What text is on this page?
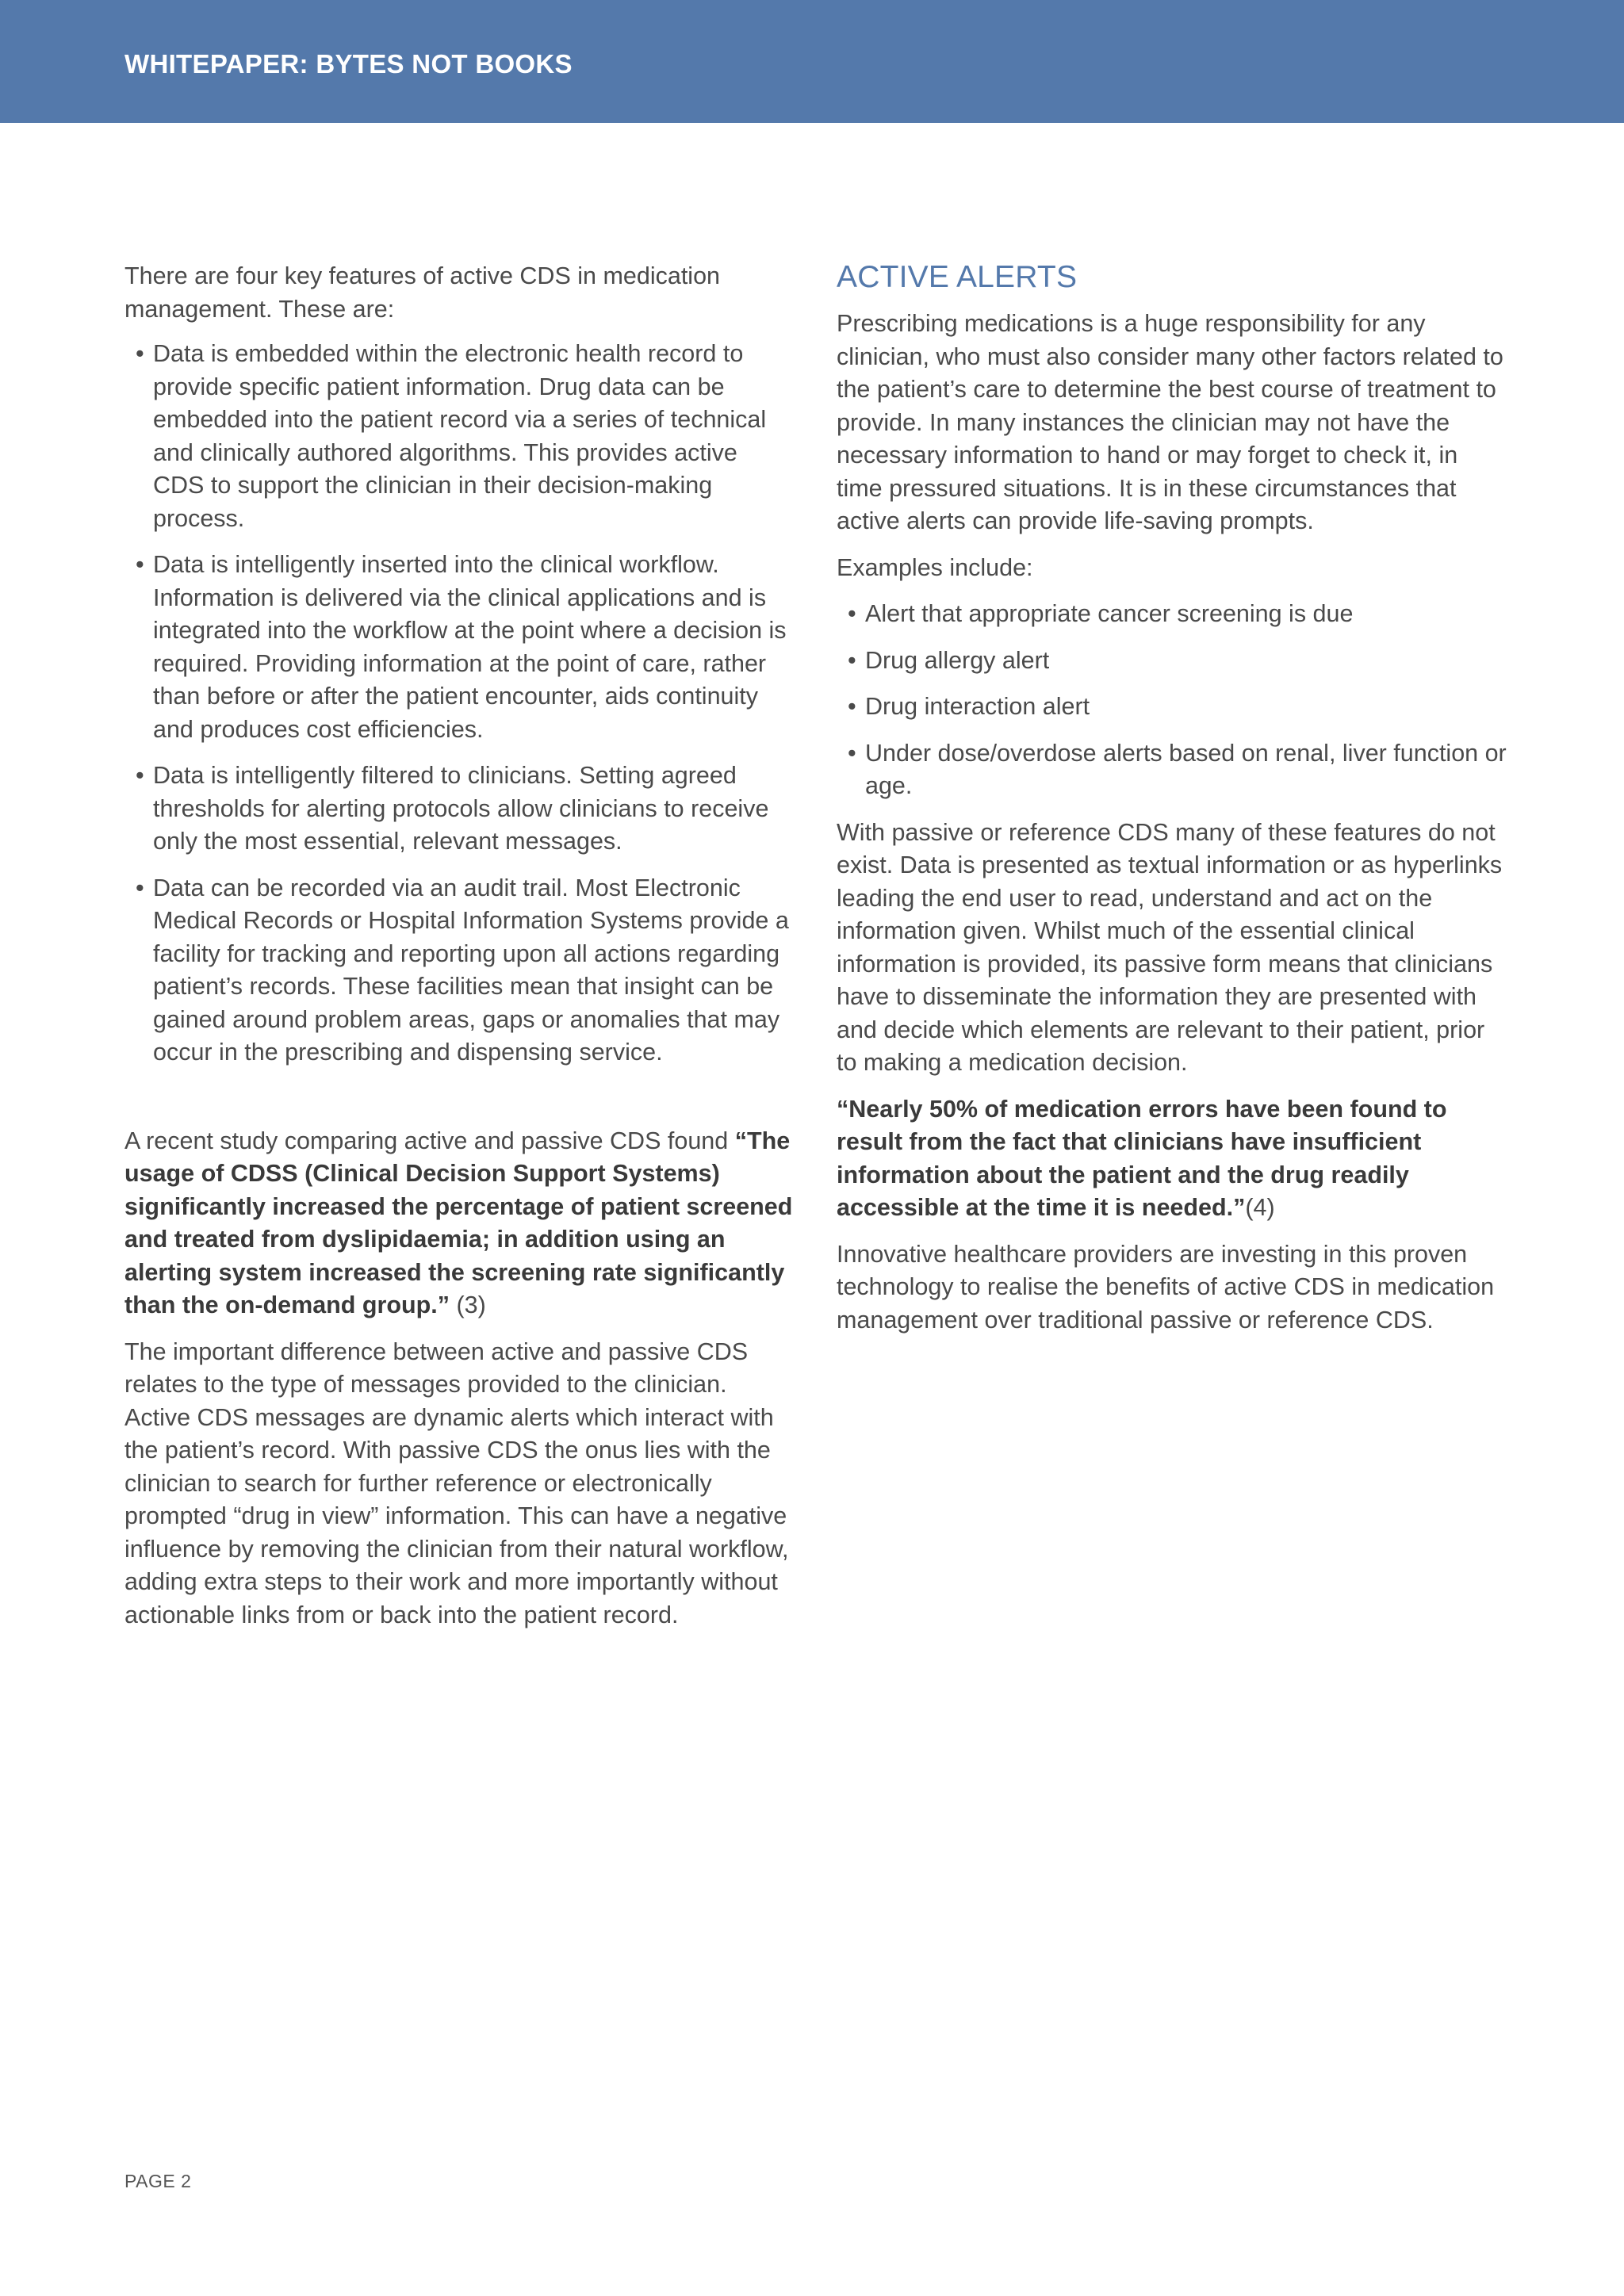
WHITEPAPER: BYTES NOT BOOKS

There are four key features of active CDS in medication management. These are:

• Data is embedded within the electronic health record to provide specific patient information. Drug data can be embedded into the patient record via a series of technical and clinically authored algorithms. This provides active CDS to support the clinician in their decision-making process.
• Data is intelligently inserted into the clinical workflow. Information is delivered via the clinical applications and is integrated into the workflow at the point where a decision is required. Providing information at the point of care, rather than before or after the patient encounter, aids continuity and produces cost efficiencies.
• Data is intelligently filtered to clinicians. Setting agreed thresholds for alerting protocols allow clinicians to receive only the most essential, relevant messages.
• Data can be recorded via an audit trail. Most Electronic Medical Records or Hospital Information Systems provide a facility for tracking and reporting upon all actions regarding patient’s records. These facilities mean that insight can be gained around problem areas, gaps or anomalies that may occur in the prescribing and dispensing service.

A recent study comparing active and passive CDS found “The usage of CDSS (Clinical Decision Support Systems) significantly increased the percentage of patient screened and treated from dyslipidaemia; in addition using an alerting system increased the screening rate significantly than the on-demand group.” (3)

The important difference between active and passive CDS relates to the type of messages provided to the clinician. Active CDS messages are dynamic alerts which interact with the patient’s record. With passive CDS the onus lies with the clinician to search for further reference or electronically prompted “drug in view” information. This can have a negative influence by removing the clinician from their natural workflow, adding extra steps to their work and more importantly without actionable links from or back into the patient record.

ACTIVE ALERTS

Prescribing medications is a huge responsibility for any clinician, who must also consider many other factors related to the patient’s care to determine the best course of treatment to provide. In many instances the clinician may not have the necessary information to hand or may forget to check it, in time pressured situations. It is in these circumstances that active alerts can provide life-saving prompts.

Examples include:

• Alert that appropriate cancer screening is due
• Drug allergy alert
• Drug interaction alert
• Under dose/overdose alerts based on renal, liver function or age.

With passive or reference CDS many of these features do not exist. Data is presented as textual information or as hyperlinks leading the end user to read, understand and act on the information given. Whilst much of the essential clinical information is provided, its passive form means that clinicians have to disseminate the information they are presented with and decide which elements are relevant to their patient, prior to making a medication decision.

“Nearly 50% of medication errors have been found to result from the fact that clinicians have insufficient information about the patient and the drug readily accessible at the time it is needed.”(4)

Innovative healthcare providers are investing in this proven technology to realise the benefits of active CDS in medication management over traditional passive or reference CDS.

PAGE 2
